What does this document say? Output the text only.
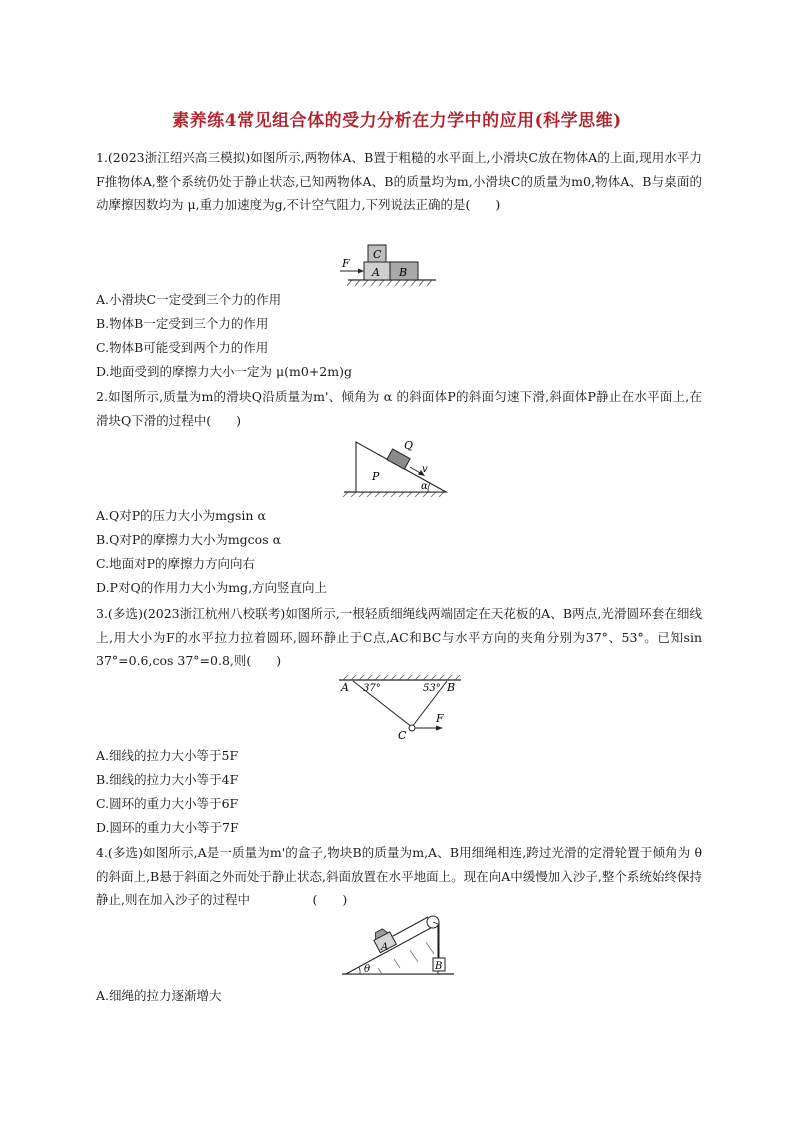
素养练4常见组合体的受力分析在力学中的应用(科学思维)
1.(2023浙江绍兴高三模拟)如图所示,两物体A、B置于粗糙的水平面上,小滑块C放在物体A的上面,现用水平力F推物体A,整个系统仍处于静止状态,已知两物体A、B的质量均为m,小滑块C的质量为m0,物体A、B与桌面的动摩擦因数均为 μ,重力加速度为g,不计空气阻力,下列说法正确的是(　　)
F
A B
C
A.小滑块C一定受到三个力的作用
B.物体B一定受到三个力的作用
C.物体B可能受到两个力的作用
D.地面受到的摩擦力大小一定为 μ(m0+2m)g
2.如图所示,质量为m的滑块Q沿质量为m'、倾角为 α 的斜面体P的斜面匀速下滑,斜面体P静止在水平面上,在滑块Q下滑的过程中(　　)
Q
v
P
α
A.Q对P的压力大小为mgsin α
B.Q对P的摩擦力大小为mgcos α
C.地面对P的摩擦力方向向右
D.P对Q的作用力大小为mg,方向竖直向上
3.(多选)(2023浙江杭州八校联考)如图所示,一根轻质细绳线两端固定在天花板的A、B两点,光滑圆环套在细线上,用大小为F的水平拉力拉着圆环,圆环静止于C点,AC和BC与水平方向的夹角分别为37°、53°。已知sin 37°=0.6,cos 37°=0.8,则(　　)
A 37°	53° B
C
F
A.细线的拉力大小等于5F
B.细线的拉力大小等于4F
C.圆环的重力大小等于6F
D.圆环的重力大小等于7F
4.(多选)如图所示,A是一质量为m'的盒子,物块B的质量为m,A、B用细绳相连,跨过光滑的定滑轮置于倾角为 θ 的斜面上,B悬于斜面之外而处于静止状态,斜面放置在水平地面上。现在向A中缓慢加入沙子,整个系统始终保持静止,则在加入沙子的过程中　　　　　(　　)
A
B
θ
A.细绳的拉力逐渐增大
